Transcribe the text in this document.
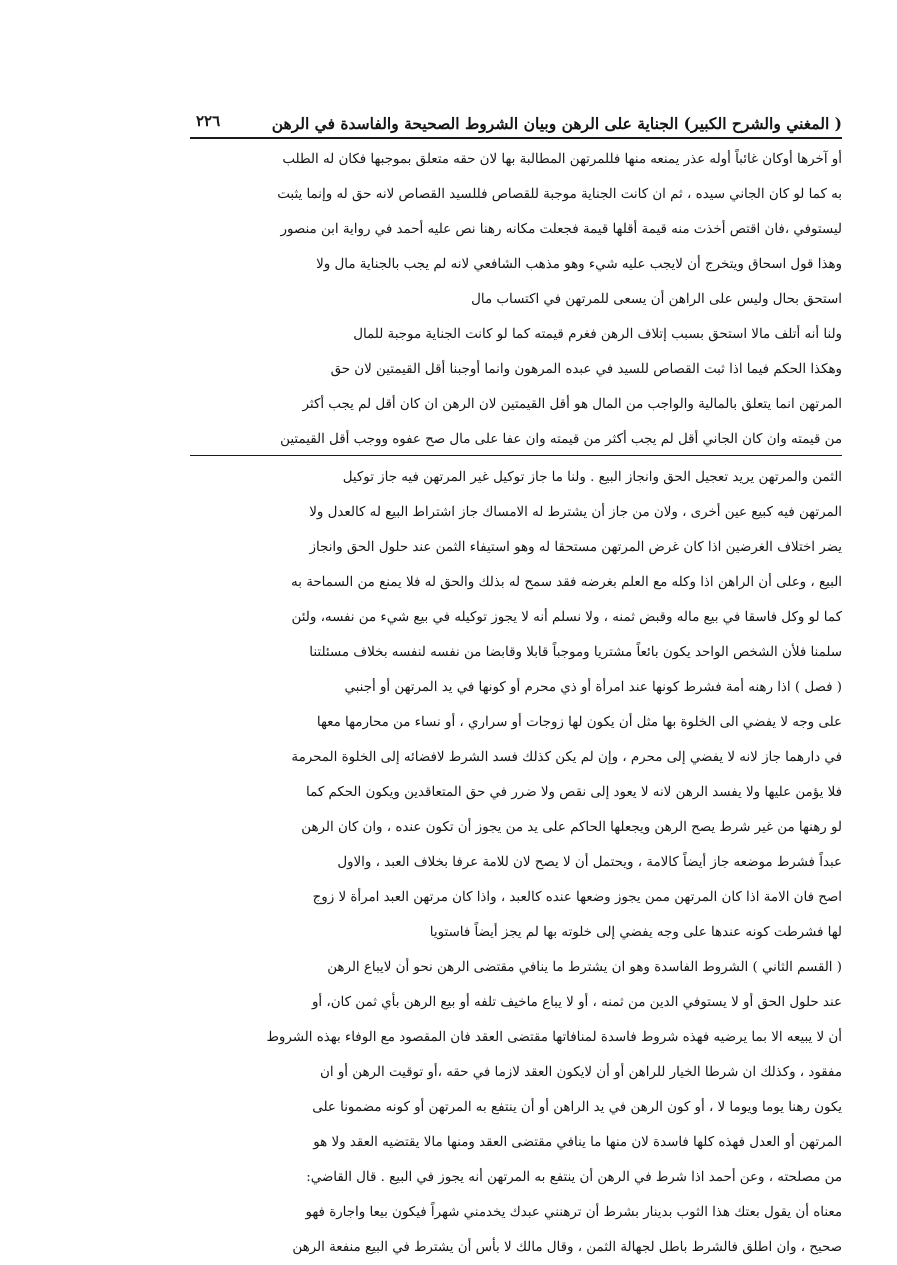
( المغني والشرح الكبير) الجناية على الرهن وبيان الشروط الصحيحة والفاسدة في الرهن
٢٢٦
أو آخرها أوكان غائباً أوله عذر يمنعه منها فللمرتهن المطالبة بها لان حقه متعلق بموجبها فكان له الطلب
به كما لو كان الجاني سيده ، ثم ان كانت الجناية موجبة للقصاص فللسيد القصاص لانه حق له وإنما يثبت
ليستوفي ،فان اقتص أخذت منه قيمة أقلها قيمة فجعلت مكانه رهنا نص عليه أحمد في رواية ابن منصور
وهذا قول اسحاق ويتخرج أن لايجب عليه شيء وهو مذهب الشافعي لانه لم يجب بالجناية مال ولا
استحق بحال وليس على الراهن أن يسعى للمرتهن في اكتساب مال
ولنا أنه أتلف مالا استحق بسبب إتلاف الرهن فغرم قيمته كما لو كانت الجناية موجبة للمال
وهكذا الحكم فيما اذا ثبت القصاص للسيد في عبده المرهون وانما أوجبنا أقل القيمتين لان حق
المرتهن انما يتعلق بالمالية والواجب من المال هو أقل القيمتين لان الرهن ان كان أقل لم يجب أكثر
من قيمته وان كان الجاني أقل لم يجب أكثر من قيمته وان عفا على مال صح عفوه ووجب أقل القيمتين
الثمن والمرتهن يريد تعجيل الحق وانجاز البيع . ولنا ما جاز توكيل غير المرتهن فيه جاز توكيل
المرتهن فيه كبيع عين أخرى ، ولان من جاز أن يشترط له الامساك جاز اشتراط البيع له كالعدل ولا
يضر اختلاف الغرضين اذا كان غرض المرتهن مستحقا له وهو استيفاء الثمن عند حلول الحق وانجاز
البيع ، وعلى أن الراهن اذا وكله مع العلم بغرضه فقد سمح له بذلك والحق له فلا يمنع من السماحة به
كما لو وكل فاسقا في بيع ماله وقبض ثمنه ، ولا نسلم أنه لا يجوز توكيله في بيع شيء من نفسه، ولئن
سلمنا فلأن الشخص الواحد يكون بائعاً مشتريا وموجباً قابلا وقابضا من نفسه لنفسه بخلاف مسئلتنا
( فصل ) اذا رهنه أمة فشرط كونها عند امرأة أو ذي محرم أو كونها في يد المرتهن أو أجنبي
على وجه لا يفضي الى الخلوة بها مثل أن يكون لها زوجات أو سراري ، أو نساء من محارمها معها
في دارهما جاز لانه لا يفضي إلى محرم ، وإن لم يكن كذلك فسد الشرط لافضائه إلى الخلوة المحرمة
فلا يؤمن عليها ولا يفسد الرهن لانه لا يعود إلى نقص ولا ضرر في حق المتعاقدين ويكون الحكم كما
لو رهنها من غير شرط يصح الرهن ويجعلها الحاكم على يد من يجوز أن تكون عنده ، وان كان الرهن
عبداً فشرط موضعه جاز أيضاً كالامة ، ويحتمل أن لا يصح لان للامة عرفا بخلاف العبد ، والاول
اصح فان الامة اذا كان المرتهن ممن يجوز وضعها عنده كالعبد ، واذا كان مرتهن العبد امرأة لا زوج
لها فشرطت كونه عندها على وجه يفضي إلى خلوته بها لم يجز أيضاً فاستويا
( القسم الثاني ) الشروط الفاسدة وهو ان يشترط ما ينافي مقتضى الرهن نحو أن لايباع الرهن
عند حلول الحق أو لا يستوفي الدين من ثمنه ، أو لا يباع ماخيف تلفه أو بيع الرهن بأي ثمن كان، أو
أن لا يبيعه الا بما يرضيه فهذه شروط فاسدة لمنافاتها مقتضى العقد فان المقصود مع الوفاء بهذه الشروط
مفقود ، وكذلك ان شرطا الخيار للراهن أو أن لايكون العقد لازما في حقه ،أو توقيت الرهن أو ان
يكون رهنا يوما ويوما لا ، أو كون الرهن في يد الراهن أو أن ينتفع به المرتهن أو كونه مضمونا على
المرتهن أو العدل فهذه كلها فاسدة لان منها ما ينافي مقتضى العقد ومنها مالا يقتضيه العقد ولا هو
من مصلحته ، وعن أحمد اذا شرط في الرهن أن ينتفع به المرتهن أنه يجوز في البيع . قال القاضي:
معناه أن يقول بعتك هذا الثوب بدينار بشرط أن ترهنني عبدك يخدمني شهراً فيكون بيعا واجارة فهو
صحيح ، وان اطلق فالشرط باطل لجهالة الثمن ، وقال مالك لا بأس أن يشترط في البيع منفعة الرهن
